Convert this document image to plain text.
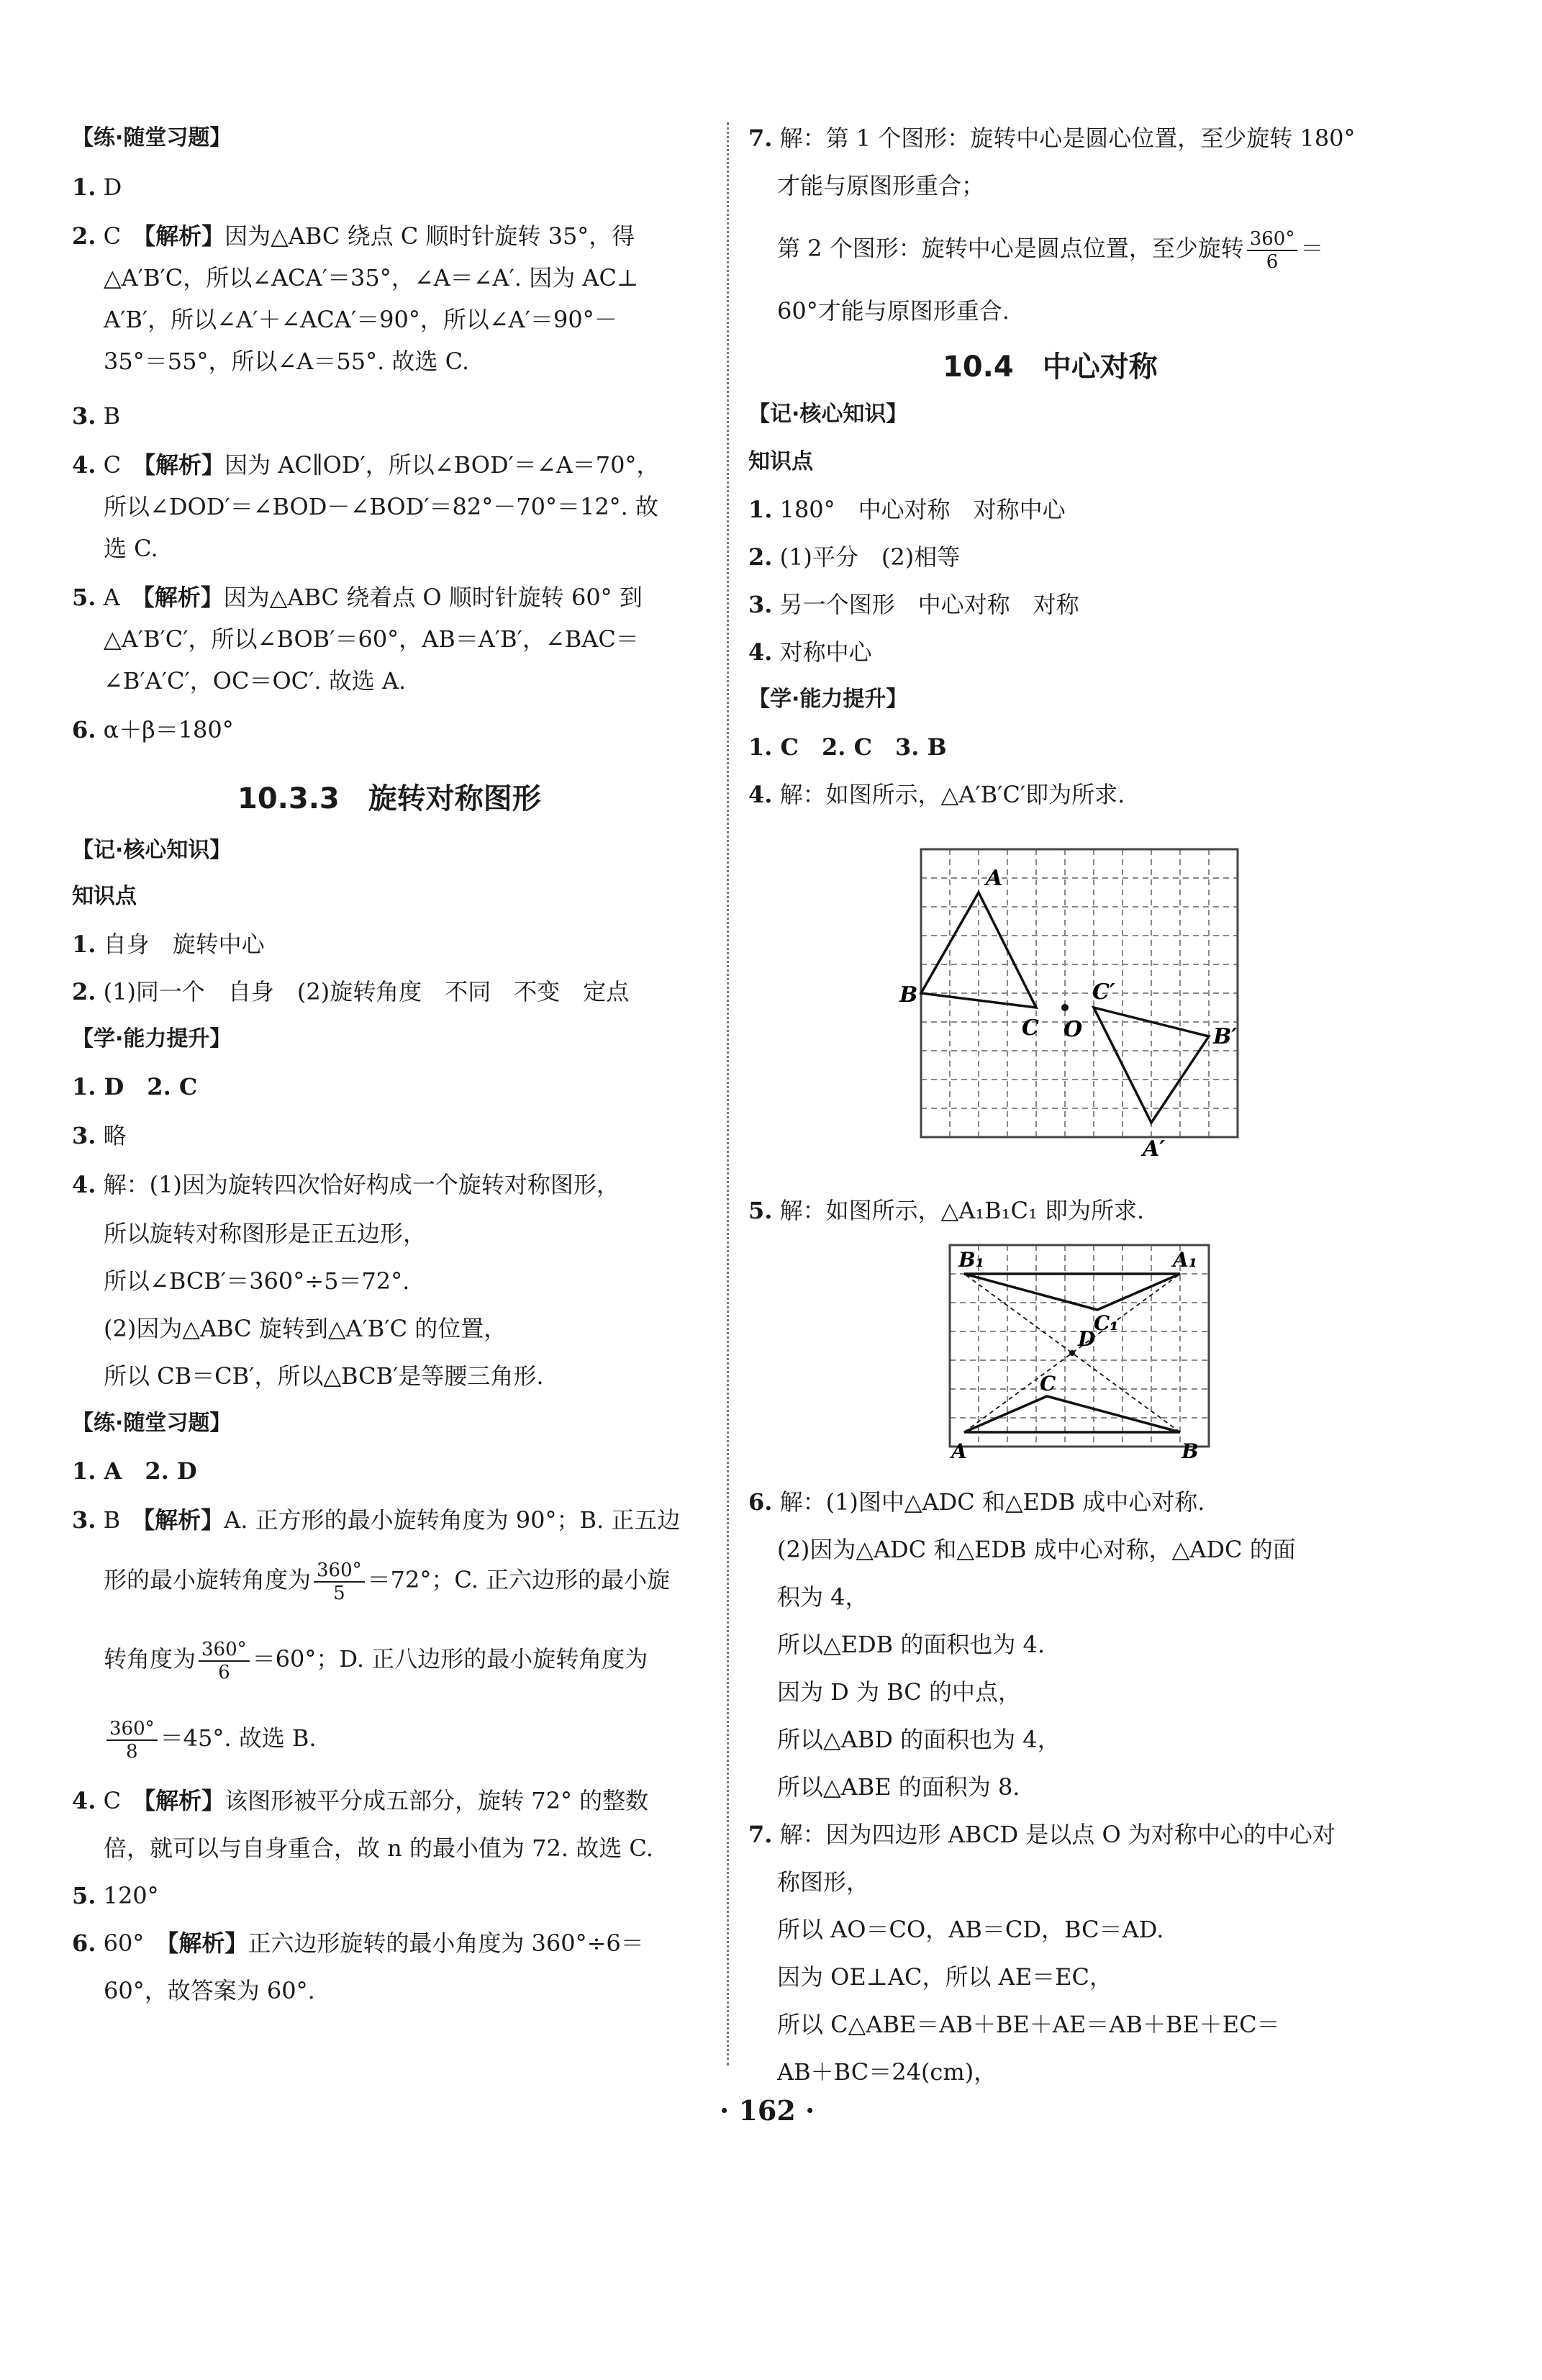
【练·随堂习题】
1. D
2. C　 【解析】因为△ABC 绕点 C 顺时针旋转 35°，得
△A′B′C，所以∠ACA′＝35°，∠A＝∠A′. 因为 AC⊥
A′B′，所以∠A′＋∠ACA′＝90°，所以∠A′＝90°－
35°＝55°，所以∠A＝55°. 故选 C.
3. B
4. C　 【解析】因为 AC∥OD′，所以∠BOD′＝∠A＝70°，
所以∠DOD′＝∠BOD－∠BOD′＝82°－70°＝12°. 故
选 C.
5. A　 【解析】因为△ABC 绕着点 O 顺时针旋转 60° 到
△A′B′C′，所以∠BOB′＝60°，AB＝A′B′，∠BAC＝
∠B′A′C′，OC＝OC′. 故选 A.
6. α＋β＝180°
10.3.3　旋转对称图形
【记·核心知识】
知识点
1. 自身　旋转中心
2. (1)同一个　自身　(2)旋转角度　不同　不变　定点
【学·能力提升】
1. D　2. C
3. 略
4. 解：(1)因为旋转四次恰好构成一个旋转对称图形，
所以旋转对称图形是正五边形，
所以∠BCB′＝360°÷5＝72°.
(2)因为△ABC 旋转到△A′B′C 的位置，
所以 CB＝CB′，所以△BCB′是等腰三角形.
【练·随堂习题】
1. A　2. D
3. B　 【解析】A. 正方形的最小旋转角度为 90°；B. 正五边
形的最小旋转角度为 $\frac{360^\circ}{5} =72^\circ$；C. 正六边形的最小旋
转角度为 $\frac{360^\circ}{6} =60^\circ$；D. 正八边形的最小旋转角度为
$\frac{360^\circ}{8} =45^\circ$. 故选 B.
4. C　 【解析】该图形被平分成五部分，旋转 72° 的整数
倍，就可以与自身重合，故 n 的最小值为 72. 故选 C.
5. 120°
6. 60°　 【解析】正六边形旋转的最小角度为 360°÷6＝
60°，故答案为 60°.
7. 解：第 1 个图形：旋转中心是圆心位置，至少旋转 180°
才能与原图形重合；
第 2 个图形：旋转中心是圆点位置，至少旋转 $\frac{360^\circ}{6}$ ＝
60°才能与原图形重合.
10.4　中心对称
【记·核心知识】
知识点
1. 180°　中心对称　对称中心
2. (1)平分　(2)相等
3. 另一个图形　中心对称　对称
4. 对称中心
【学·能力提升】
1. C　2. C　3. B
4. 解：如图所示，△A′B′C′即为所求.
A
B
C O
C′
B′
A′
5. 解：如图所示，△A₁B₁C₁ 即为所求.
B₁	A₁
C₁
D
C
A	B
6. 解：(1)图中△ADC 和△EDB 成中心对称.
(2)因为△ADC 和△EDB 成中心对称，△ADC 的面
积为 4，
所以△EDB 的面积也为 4.
因为 D 为 BC 的中点，
所以△ABD 的面积也为 4，
所以△ABE 的面积为 8.
7. 解：因为四边形 ABCD 是以点 O 为对称中心的中心对
称图形，
所以 AO＝CO，AB＝CD，BC＝AD.
因为 OE⊥AC，所以 AE＝EC，
所以 C△ABE＝AB＋BE＋AE＝AB＋BE＋EC＝
AB＋BC＝24(cm)，
· 162 ·
